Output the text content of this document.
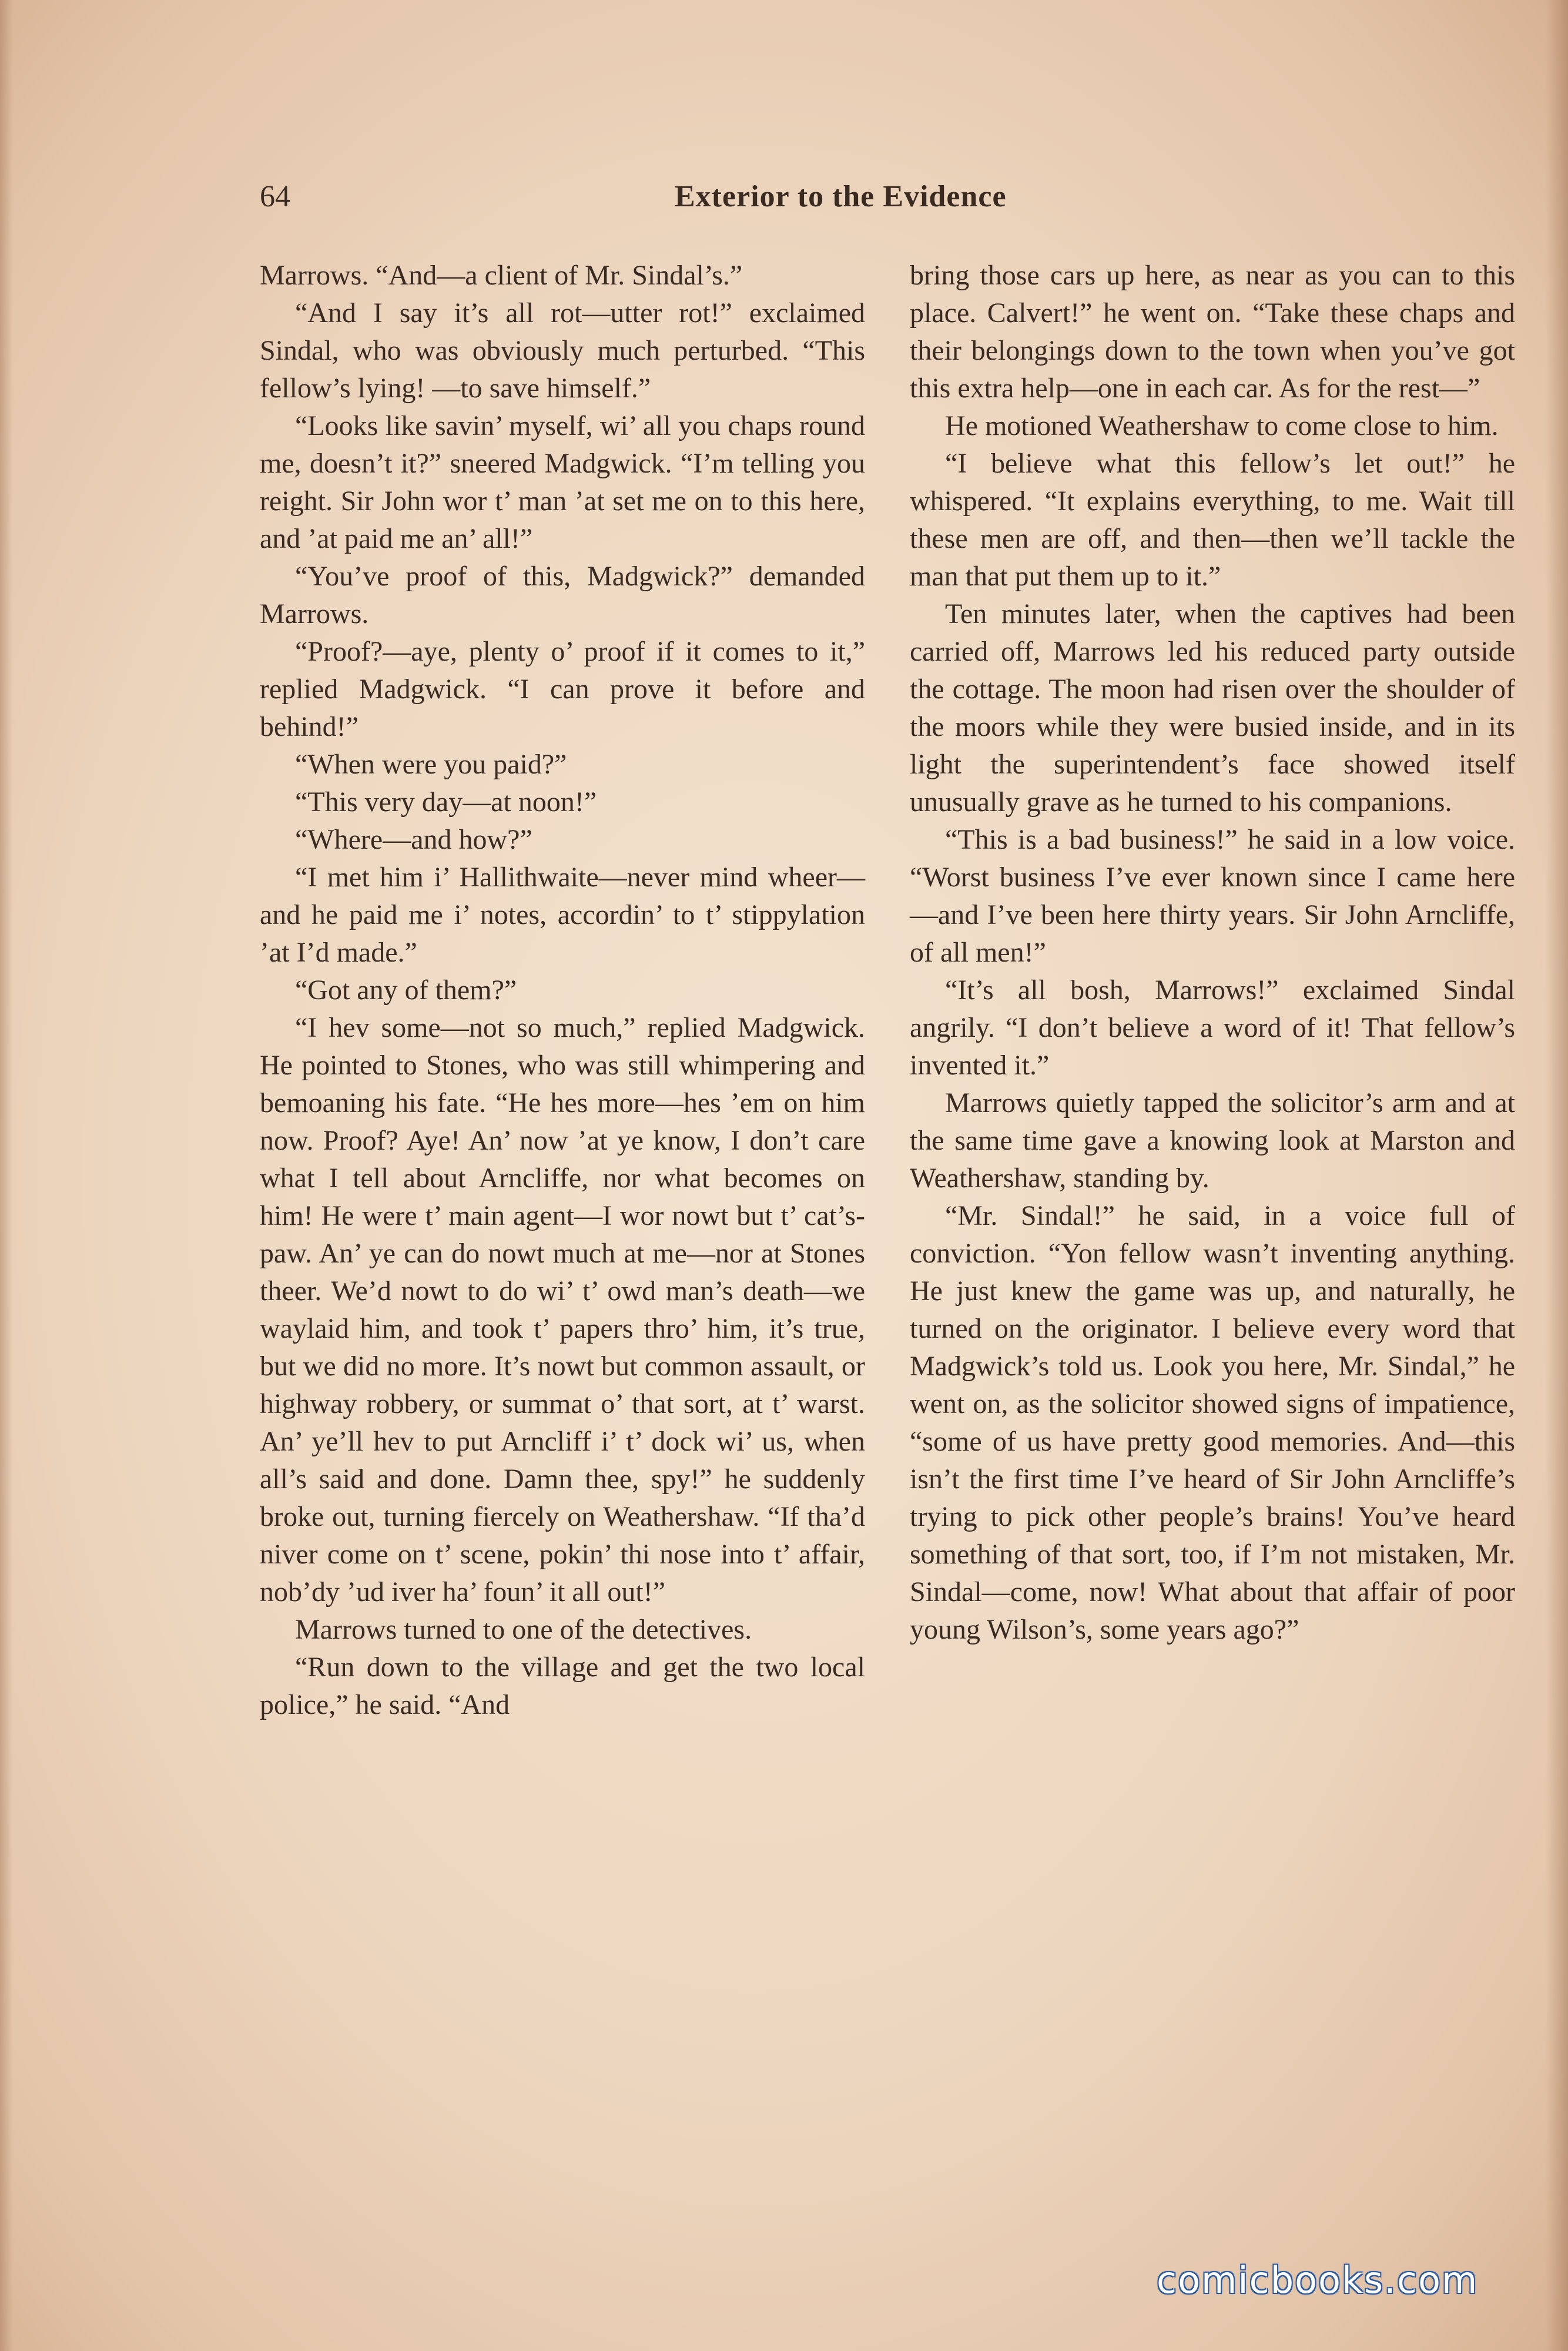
64	Exterior to the Evidence

Marrows. “And—a client of Mr. Sindal’s.”

“And I say it’s all rot—utter rot!” exclaimed Sindal, who was obviously much perturbed. “This fellow’s lying! —to save himself.”

“Looks like savin’ myself, wi’ all you chaps round me, doesn’t it?” sneered Madgwick. “I’m telling you reight. Sir John wor t’ man ’at set me on to this here, and ’at paid me an’ all!”

“You’ve proof of this, Madgwick?” demanded Marrows.

“Proof?—aye, plenty o’ proof if it comes to it,” replied Madgwick. “I can prove it before and behind!”

“When were you paid?”

“This very day—at noon!”

“Where—and how?”

“I met him i’ Hallithwaite—never mind wheer—and he paid me i’ notes, accordin’ to t’ stippylation ’at I’d made.”

“Got any of them?”

“I hev some—not so much,” replied Madgwick. He pointed to Stones, who was still whimpering and bemoaning his fate. “He hes more—hes ’em on him now. Proof? Aye! An’ now ’at ye know, I don’t care what I tell about Arncliffe, nor what becomes on him! He were t’ main agent—I wor nowt but t’ cat’s-paw. An’ ye can do nowt much at me—nor at Stones theer. We’d nowt to do wi’ t’ owd man’s death—we waylaid him, and took t’ papers thro’ him, it’s true, but we did no more. It’s nowt but common assault, or highway robbery, or summat o’ that sort, at t’ warst. An’ ye’ll hev to put Arncliff i’ t’ dock wi’ us, when all’s said and done. Damn thee, spy!” he suddenly broke out, turning fiercely on Weathershaw. “If tha’d niver come on t’ scene, pokin’ thi nose into t’ affair, nob’dy ’ud iver ha’ foun’ it all out!”

Marrows turned to one of the detectives.

“Run down to the village and get the two local police,” he said. “And

bring those cars up here, as near as you can to this place. Calvert!” he went on. “Take these chaps and their belongings down to the town when you’ve got this extra help—one in each car. As for the rest—”

He motioned Weathershaw to come close to him.

“I believe what this fellow’s let out!” he whispered. “It explains everything, to me. Wait till these men are off, and then—then we’ll tackle the man that put them up to it.”

Ten minutes later, when the captives had been carried off, Marrows led his reduced party outside the cottage. The moon had risen over the shoulder of the moors while they were busied inside, and in its light the superintendent’s face showed itself unusually grave as he turned to his companions.

“This is a bad business!” he said in a low voice. “Worst business I’ve ever known since I came here—and I’ve been here thirty years. Sir John Arncliffe, of all men!”

“It’s all bosh, Marrows!” exclaimed Sindal angrily. “I don’t believe a word of it! That fellow’s invented it.”

Marrows quietly tapped the solicitor’s arm and at the same time gave a knowing look at Marston and Weathershaw, standing by.

“Mr. Sindal!” he said, in a voice full of conviction. “Yon fellow wasn’t inventing anything. He just knew the game was up, and naturally, he turned on the originator. I believe every word that Madgwick’s told us. Look you here, Mr. Sindal,” he went on, as the solicitor showed signs of impatience, “some of us have pretty good memories. And—this isn’t the first time I’ve heard of Sir John Arncliffe’s trying to pick other people’s brains! You’ve heard something of that sort, too, if I’m not mistaken, Mr. Sindal—come, now! What about that affair of poor young Wilson’s, some years ago?”

comicbooks.com
